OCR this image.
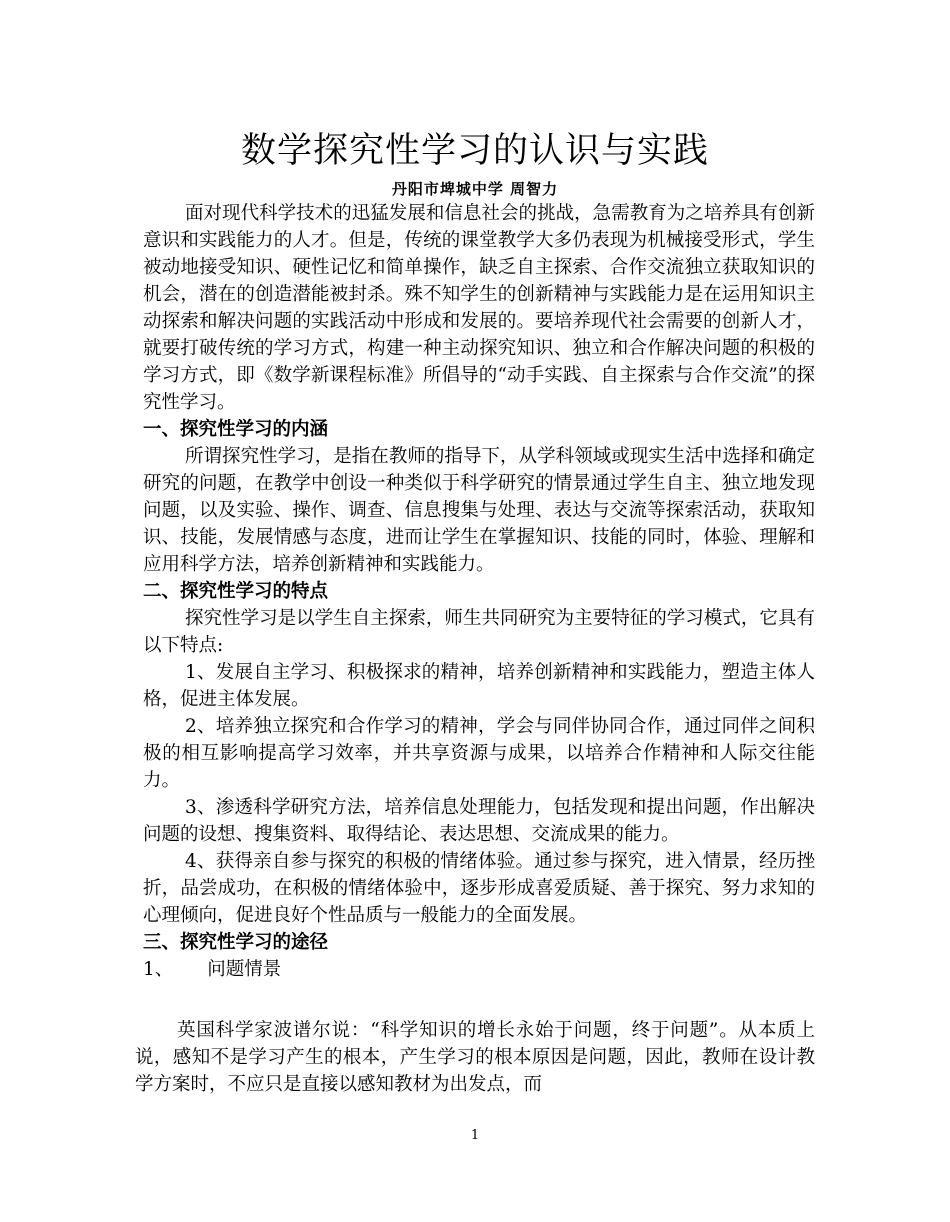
数学探究性学习的认识与实践
丹阳市埤城中学 周智力

面对现代科学技术的迅猛发展和信息社会的挑战，急需教育为之培养具有创新意识和实践能力的人才。但是，传统的课堂教学大多仍表现为机械接受形式，学生被动地接受知识、硬性记忆和简单操作，缺乏自主探索、合作交流独立获取知识的机会，潜在的创造潜能被封杀。殊不知学生的创新精神与实践能力是在运用知识主动探索和解决问题的实践活动中形成和发展的。要培养现代社会需要的创新人才，就要打破传统的学习方式，构建一种主动探究知识、独立和合作解决问题的积极的学习方式，即《数学新课程标准》所倡导的“动手实践、自主探索与合作交流”的探究性学习。

一、探究性学习的内涵

所谓探究性学习，是指在教师的指导下，从学科领域或现实生活中选择和确定研究的问题，在教学中创设一种类似于科学研究的情景通过学生自主、独立地发现问题，以及实验、操作、调查、信息搜集与处理、表达与交流等探索活动，获取知识、技能，发展情感与态度，进而让学生在掌握知识、技能的同时，体验、理解和应用科学方法，培养创新精神和实践能力。

二、探究性学习的特点

探究性学习是以学生自主探索，师生共同研究为主要特征的学习模式，它具有以下特点:

1、发展自主学习、积极探求的精神，培养创新精神和实践能力，塑造主体人格，促进主体发展。

2、培养独立探究和合作学习的精神，学会与同伴协同合作，通过同伴之间积极的相互影响提高学习效率，并共享资源与成果，以培养合作精神和人际交往能力。

3、渗透科学研究方法，培养信息处理能力，包括发现和提出问题，作出解决问题的设想、搜集资料、取得结论、表达思想、交流成果的能力。

4、获得亲自参与探究的积极的情绪体验。通过参与探究，进入情景，经历挫折，品尝成功，在积极的情绪体验中，逐步形成喜爱质疑、善于探究、努力求知的心理倾向，促进良好个性品质与一般能力的全面发展。

三、探究性学习的途径

1、 问题情景

英国科学家波谱尔说：“科学知识的增长永始于问题，终于问题”。从本质上说，感知不是学习产生的根本，产生学习的根本原因是问题，因此，教师在设计教学方案时，不应只是直接以感知教材为出发点，而

1
